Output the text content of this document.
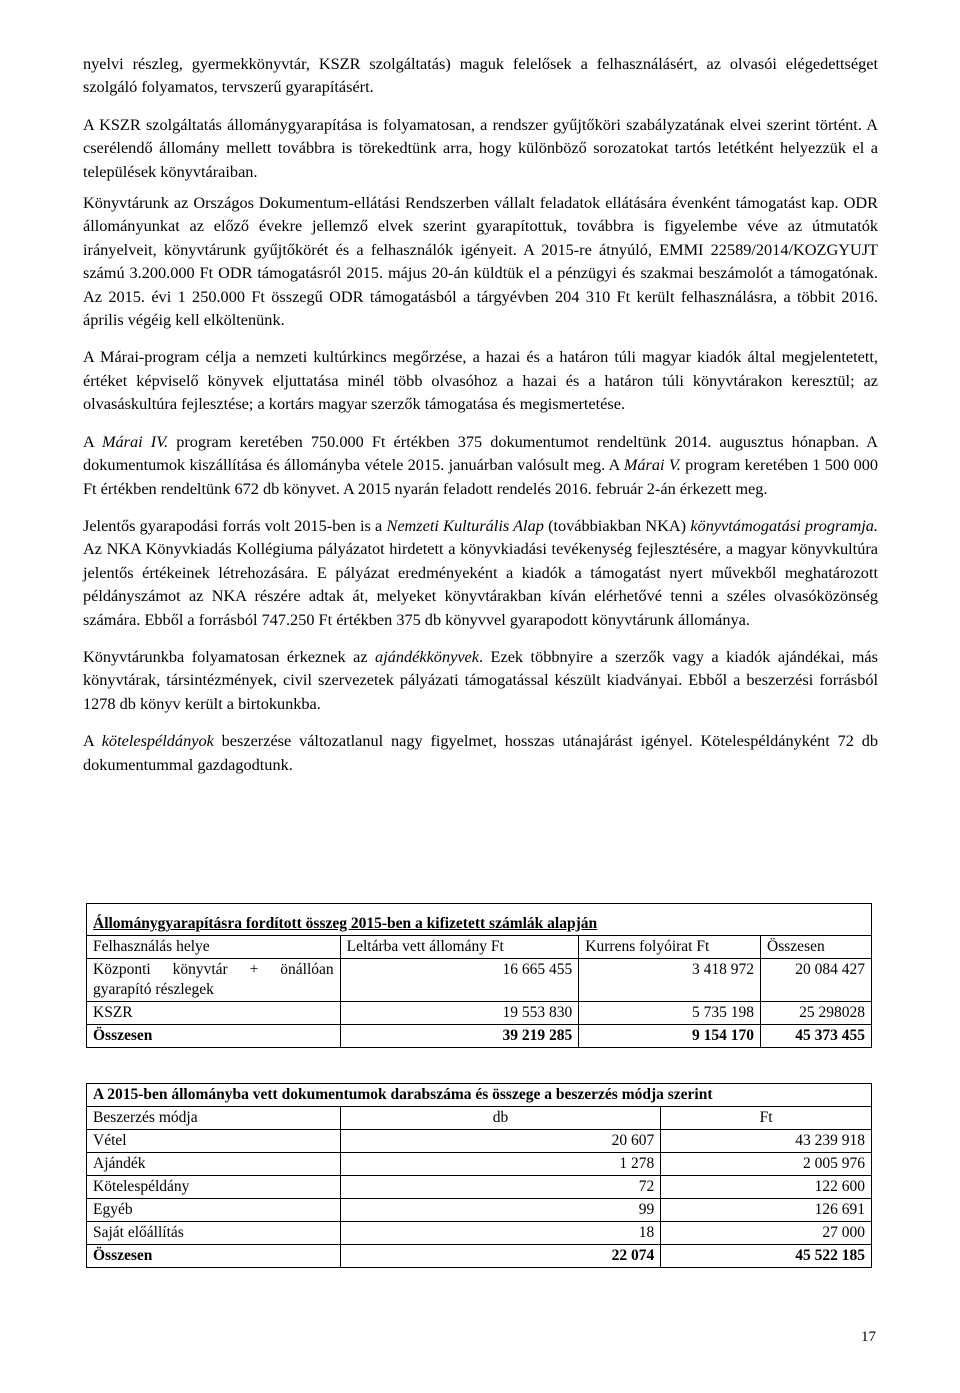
nyelvi részleg, gyermekkönyvtár, KSZR szolgáltatás) maguk felelősek a felhasználásért, az olvasói elégedettséget szolgáló folyamatos, tervszerű gyarapításért.

A KSZR szolgáltatás állománygyarapítása is folyamatosan, a rendszer gyűjtőköri szabályzatának elvei szerint történt. A cserélendő állomány mellett továbbra is törekedtünk arra, hogy különböző sorozatokat tartós letétként helyezzük el a települések könyvtáraiban.

Könyvtárunk az Országos Dokumentum-ellátási Rendszerben vállalt feladatok ellátására évenként támogatást kap. ODR állományunkat az előző évekre jellemző elvek szerint gyarapítottuk, továbbra is figyelembe véve az útmutatók irányelveit, könyvtárunk gyűjtőkörét és a felhasználók igényeit. A 2015-re átnyúló, EMMI 22589/2014/KOZGYUJT számú 3.200.000 Ft ODR támogatásról 2015. május 20-án küldtük el a pénzügyi és szakmai beszámolót a támogatónak. Az 2015. évi 1 250.000 Ft összegű ODR támogatásból a tárgyévben 204 310 Ft került felhasználásra, a többit 2016. április végéig kell elköltenünk.

A Márai-program célja a nemzeti kultúrkincs megőrzése, a hazai és a határon túli magyar kiadók által megjelentetett, értéket képviselő könyvek eljuttatása minél több olvasóhoz a hazai és a határon túli könyvtárakon keresztül; az olvasáskultúra fejlesztése; a kortárs magyar szerzők támogatása és megismertetése.

A Márai IV. program keretében 750.000 Ft értékben 375 dokumentumot rendeltünk 2014. augusztus hónapban. A dokumentumok kiszállítása és állományba vétele 2015. januárban valósult meg. A Márai V. program keretében 1 500 000 Ft értékben rendeltünk 672 db könyvet. A 2015 nyarán feladott rendelés 2016. február 2-án érkezett meg.

Jelentős gyarapodási forrás volt 2015-ben is a Nemzeti Kulturális Alap (továbbiakban NKA) könyvtámogatási programja. Az NKA Könyvkiadás Kollégiuma pályázatot hirdetett a könyvkiadási tevékenység fejlesztésére, a magyar könyvkultúra jelentős értékeinek létrehozására. E pályázat eredményeként a kiadók a támogatást nyert művekből meghatározott példányszámot az NKA részére adtak át, melyeket könyvtárakban kíván elérhetővé tenni a széles olvasóközönség számára. Ebből a forrásból 747.250 Ft értékben 375 db könyvvel gyarapodott könyvtárunk állománya.

Könyvtárunkba folyamatosan érkeznek az ajándékkönyvek. Ezek többnyire a szerzők vagy a kiadók ajándékai, más könyvtárak, társintézmények, civil szervezetek pályázati támogatással készült kiadványai. Ebből a beszerzési forrásból 1278 db könyv került a birtokunkba.

A kötelespéldányok beszerzése változatlanul nagy figyelmet, hosszas utánajárást igényel. Kötelespéldányként 72 db dokumentummal gazdagodtunk.

Állománygyarapításra fordított összeg 2015-ben a kifizetett számlák alapján			
Felhasználás helye	Leltárba vett állomány Ft	Kurrens folyóirat Ft	Összesen
Központi könyvtár + önállóan gyarapító részlegek	16 665 455	3 418 972	20 084 427
KSZR	19 553 830	5 735 198	25 298028
Összesen	39 219 285	9 154 170	45 373 455
A 2015-ben állományba vett dokumentumok darabszáma és összege a beszerzés módja szerint		
Beszerzés módja	db	Ft
Vétel	20 607	43 239 918
Ajándék	1 278	2 005 976
Kötelespéldány	72	122 600
Egyéb	99	126 691
Saját előállítás	18	27 000
Összesen	22 074	45 522 185
17
